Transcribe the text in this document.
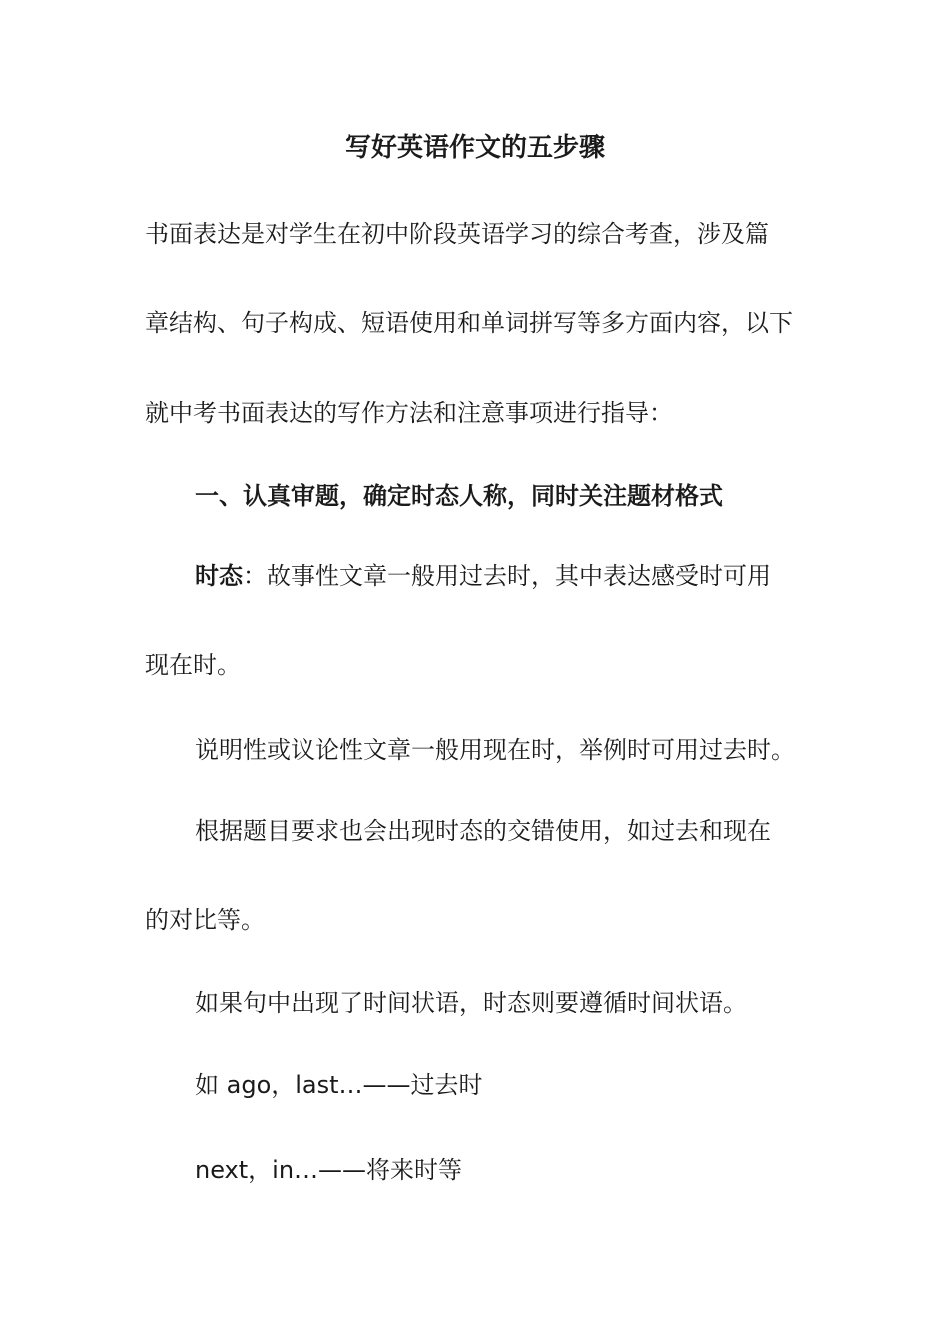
写好英语作文的五步骤
书面表达是对学生在初中阶段英语学习的综合考查，涉及篇
章结构、句子构成、短语使用和单词拼写等多方面内容，以下
就中考书面表达的写作方法和注意事项进行指导：
一、认真审题，确定时态人称，同时关注题材格式
时态：故事性文章一般用过去时，其中表达感受时可用
现在时。
说明性或议论性文章一般用现在时，举例时可用过去时。
根据题目要求也会出现时态的交错使用，如过去和现在
的对比等。
如果句中出现了时间状语，时态则要遵循时间状语。
如 ago，last…——过去时
next，in…——将来时等
